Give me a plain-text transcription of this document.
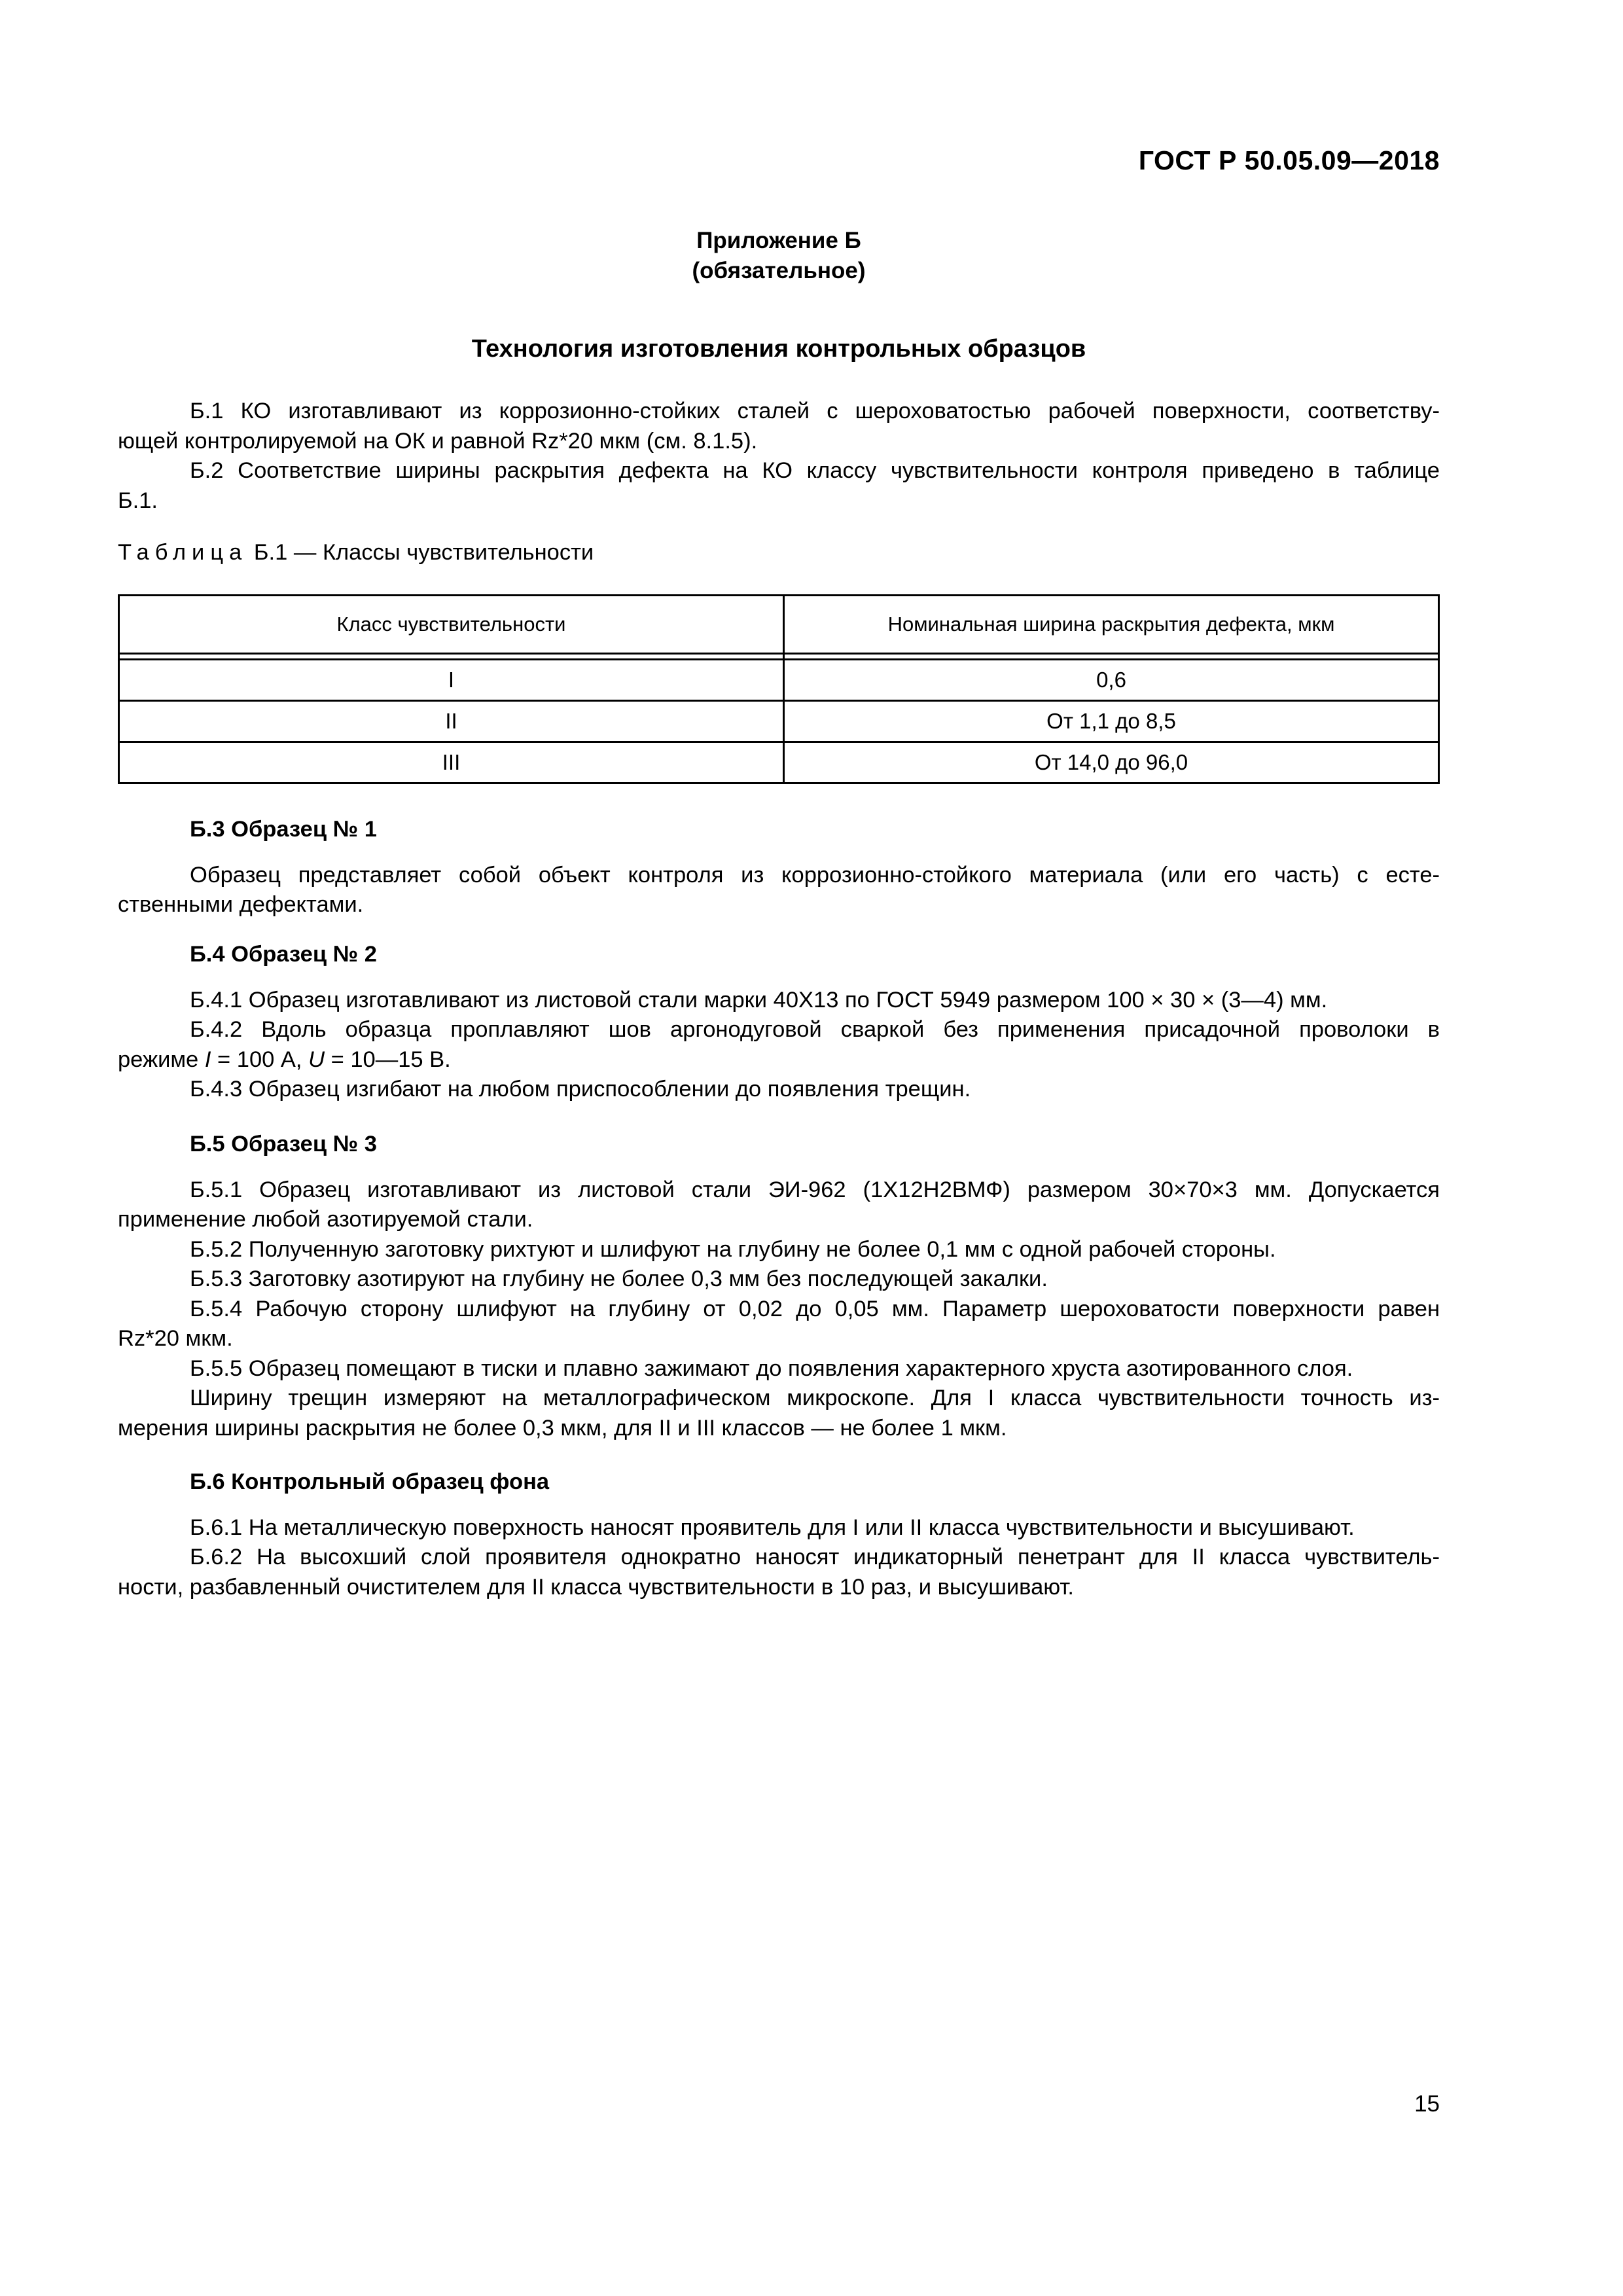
ГОСТ Р 50.05.09—2018
Приложение Б
(обязательное)
Технология изготовления контрольных образцов

Б.1 КО изготавливают из коррозионно-стойких сталей с шероховатостью рабочей поверхности, соответству-

ющей контролируемой на ОК и равной Rz*20 мкм (см. 8.1.5).

Б.2 Соответствие ширины раскрытия дефекта на КО классу чувствительности контроля приведено в таблице

Б.1.

Таблица Б.1 — Классы чувствительности
Класс чувствительности	Номинальная ширина раскрытия дефекта, мкм

I	0,6
II	От 1,1 до 8,5
III	От 14,0 до 96,0

Б.3 Образец № 1

Образец представляет собой объект контроля из коррозионно-стойкого материала (или его часть) с есте-

ственными дефектами.

Б.4 Образец № 2

Б.4.1 Образец изготавливают из листовой стали марки 40Х13 по ГОСТ 5949 размером 100 × 30 × (3—4) мм.

Б.4.2 Вдоль образца проплавляют шов аргонодуговой сваркой без применения присадочной проволоки в

режиме I = 100 А, U = 10—15 В.

Б.4.3 Образец изгибают на любом приспособлении до появления трещин.

Б.5 Образец № 3

Б.5.1 Образец изготавливают из листовой стали ЭИ-962 (1Х12Н2ВМФ) размером 30×70×3 мм. Допускается

применение любой азотируемой стали.

Б.5.2 Полученную заготовку рихтуют и шлифуют на глубину не более 0,1 мм с одной рабочей стороны.

Б.5.3 Заготовку азотируют на глубину не более 0,3 мм без последующей закалки.

Б.5.4 Рабочую сторону шлифуют на глубину от 0,02 до 0,05 мм. Параметр шероховатости поверхности равен

Rz*20 мкм.

Б.5.5 Образец помещают в тиски и плавно зажимают до появления характерного хруста азотированного слоя.

Ширину трещин измеряют на металлографическом микроскопе. Для I класса чувствительности точность из-

мерения ширины раскрытия не более 0,3 мкм, для II и III классов — не более 1 мкм.

Б.6 Контрольный образец фона

Б.6.1 На металлическую поверхность наносят проявитель для I или II класса чувствительности и высушивают.

Б.6.2 На высохший слой проявителя однократно наносят индикаторный пенетрант для II класса чувствитель-

ности, разбавленный очистителем для II класса чувствительности в 10 раз, и высушивают.

15
